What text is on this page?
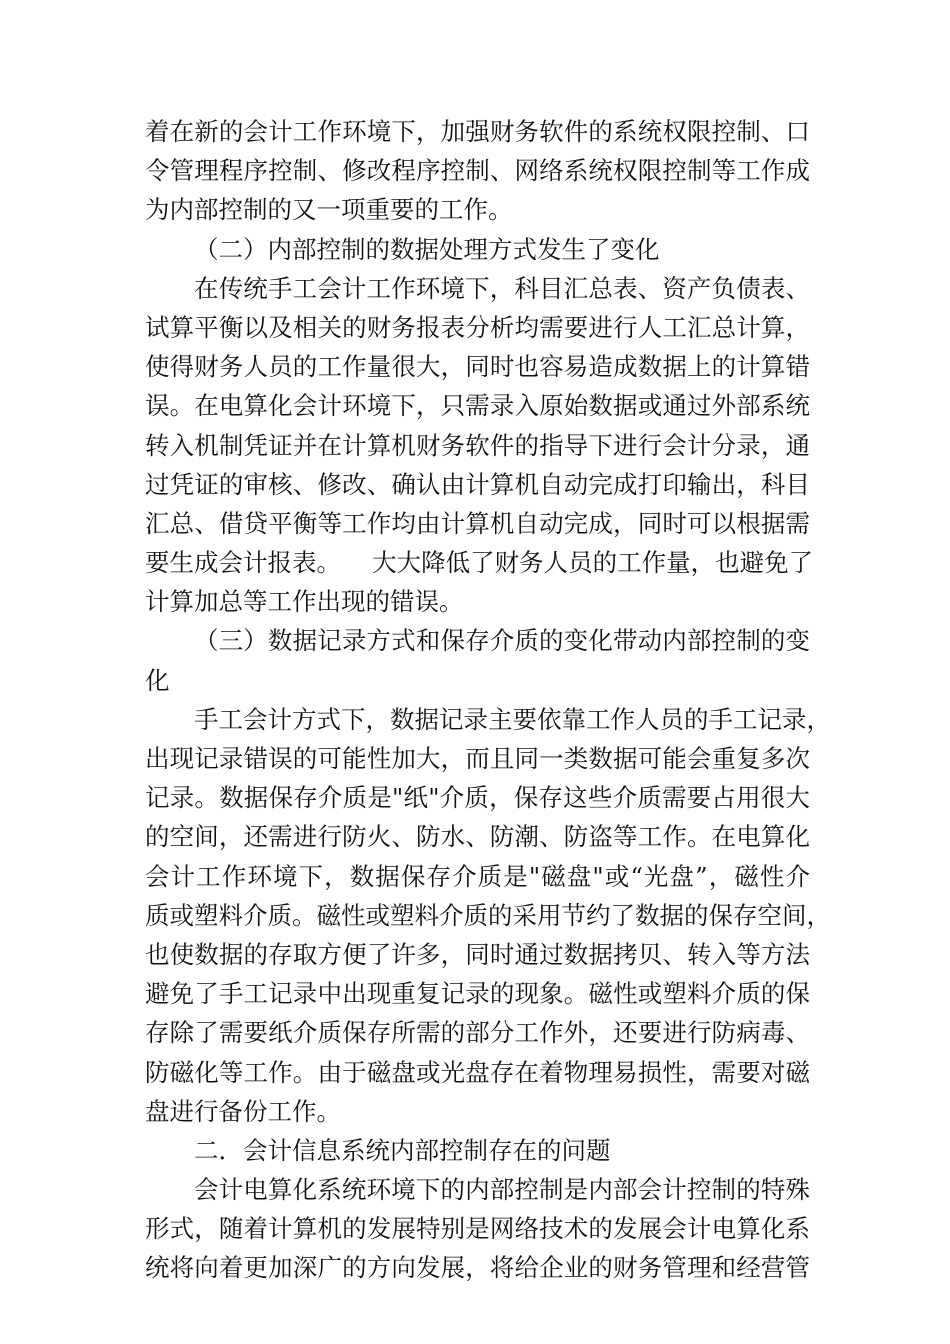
着在新的会计工作环境下，加强财务软件的系统权限控制、口
令管理程序控制、修改程序控制、网络系统权限控制等工作成
为内部控制的又一项重要的工作。
（二）内部控制的数据处理方式发生了变化
在传统手工会计工作环境下，科目汇总表、资产负债表、
试算平衡以及相关的财务报表分析均需要进行人工汇总计算，
使得财务人员的工作量很大，同时也容易造成数据上的计算错
误。在电算化会计环境下，只需录入原始数据或通过外部系统
转入机制凭证并在计算机财务软件的指导下进行会计分录，通
过凭证的审核、修改、确认由计算机自动完成打印输出，科目
汇总、借贷平衡等工作均由计算机自动完成，同时可以根据需
要生成会计报表。    大大降低了财务人员的工作量，也避免了
计算加总等工作出现的错误。
（三）数据记录方式和保存介质的变化带动内部控制的变
化
手工会计方式下，数据记录主要依靠工作人员的手工记录，
出现记录错误的可能性加大，而且同一类数据可能会重复多次
记录。数据保存介质是"纸"介质，保存这些介质需要占用很大
的空间，还需进行防火、防水、防潮、防盗等工作。在电算化
会计工作环境下，数据保存介质是"磁盘"或“光盘”，磁性介
质或塑料介质。磁性或塑料介质的采用节约了数据的保存空间，
也使数据的存取方便了许多，同时通过数据拷贝、转入等方法
避免了手工记录中出现重复记录的现象。磁性或塑料介质的保
存除了需要纸介质保存所需的部分工作外，还要进行防病毒、
防磁化等工作。由于磁盘或光盘存在着物理易损性，需要对磁
盘进行备份工作。
二．会计信息系统内部控制存在的问题
会计电算化系统环境下的内部控制是内部会计控制的特殊
形式，随着计算机的发展特别是网络技术的发展会计电算化系
统将向着更加深广的方向发展，将给企业的财务管理和经营管
